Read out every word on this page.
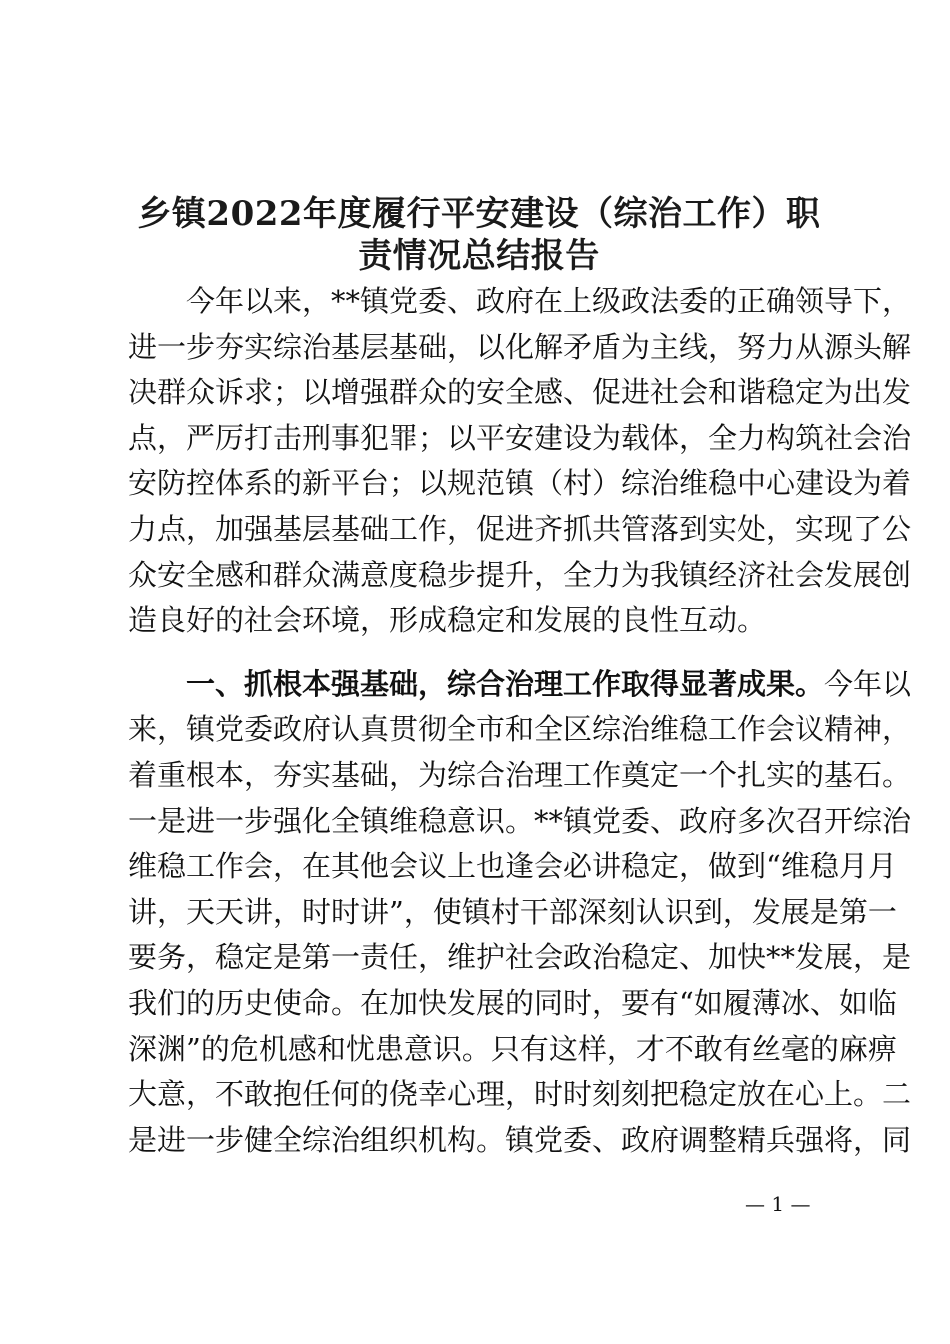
乡镇2022年度履行平安建设（综治工作）职
责情况总结报告
今年以来，**镇党委、政府在上级政法委的正确领导下，
进一步夯实综治基层基础，以化解矛盾为主线，努力从源头解
决群众诉求；以增强群众的安全感、促进社会和谐稳定为出发
点，严厉打击刑事犯罪；以平安建设为载体，全力构筑社会治
安防控体系的新平台；以规范镇（村）综治维稳中心建设为着
力点，加强基层基础工作，促进齐抓共管落到实处，实现了公
众安全感和群众满意度稳步提升，全力为我镇经济社会发展创
造良好的社会环境，形成稳定和发展的良性互动。
一、抓根本强基础，综合治理工作取得显著成果。今年以
来，镇党委政府认真贯彻全市和全区综治维稳工作会议精神，
着重根本，夯实基础，为综合治理工作奠定一个扎实的基石。
一是进一步强化全镇维稳意识。**镇党委、政府多次召开综治
维稳工作会，在其他会议上也逢会必讲稳定，做到“维稳月月
讲，天天讲，时时讲”，使镇村干部深刻认识到，发展是第一
要务，稳定是第一责任，维护社会政治稳定、加快**发展，是
我们的历史使命。在加快发展的同时，要有“如履薄冰、如临
深渊”的危机感和忧患意识。只有这样，才不敢有丝毫的麻痹
大意，不敢抱任何的侥幸心理，时时刻刻把稳定放在心上。二
是进一步健全综治组织机构。镇党委、政府调整精兵强将，同
— 1 —
